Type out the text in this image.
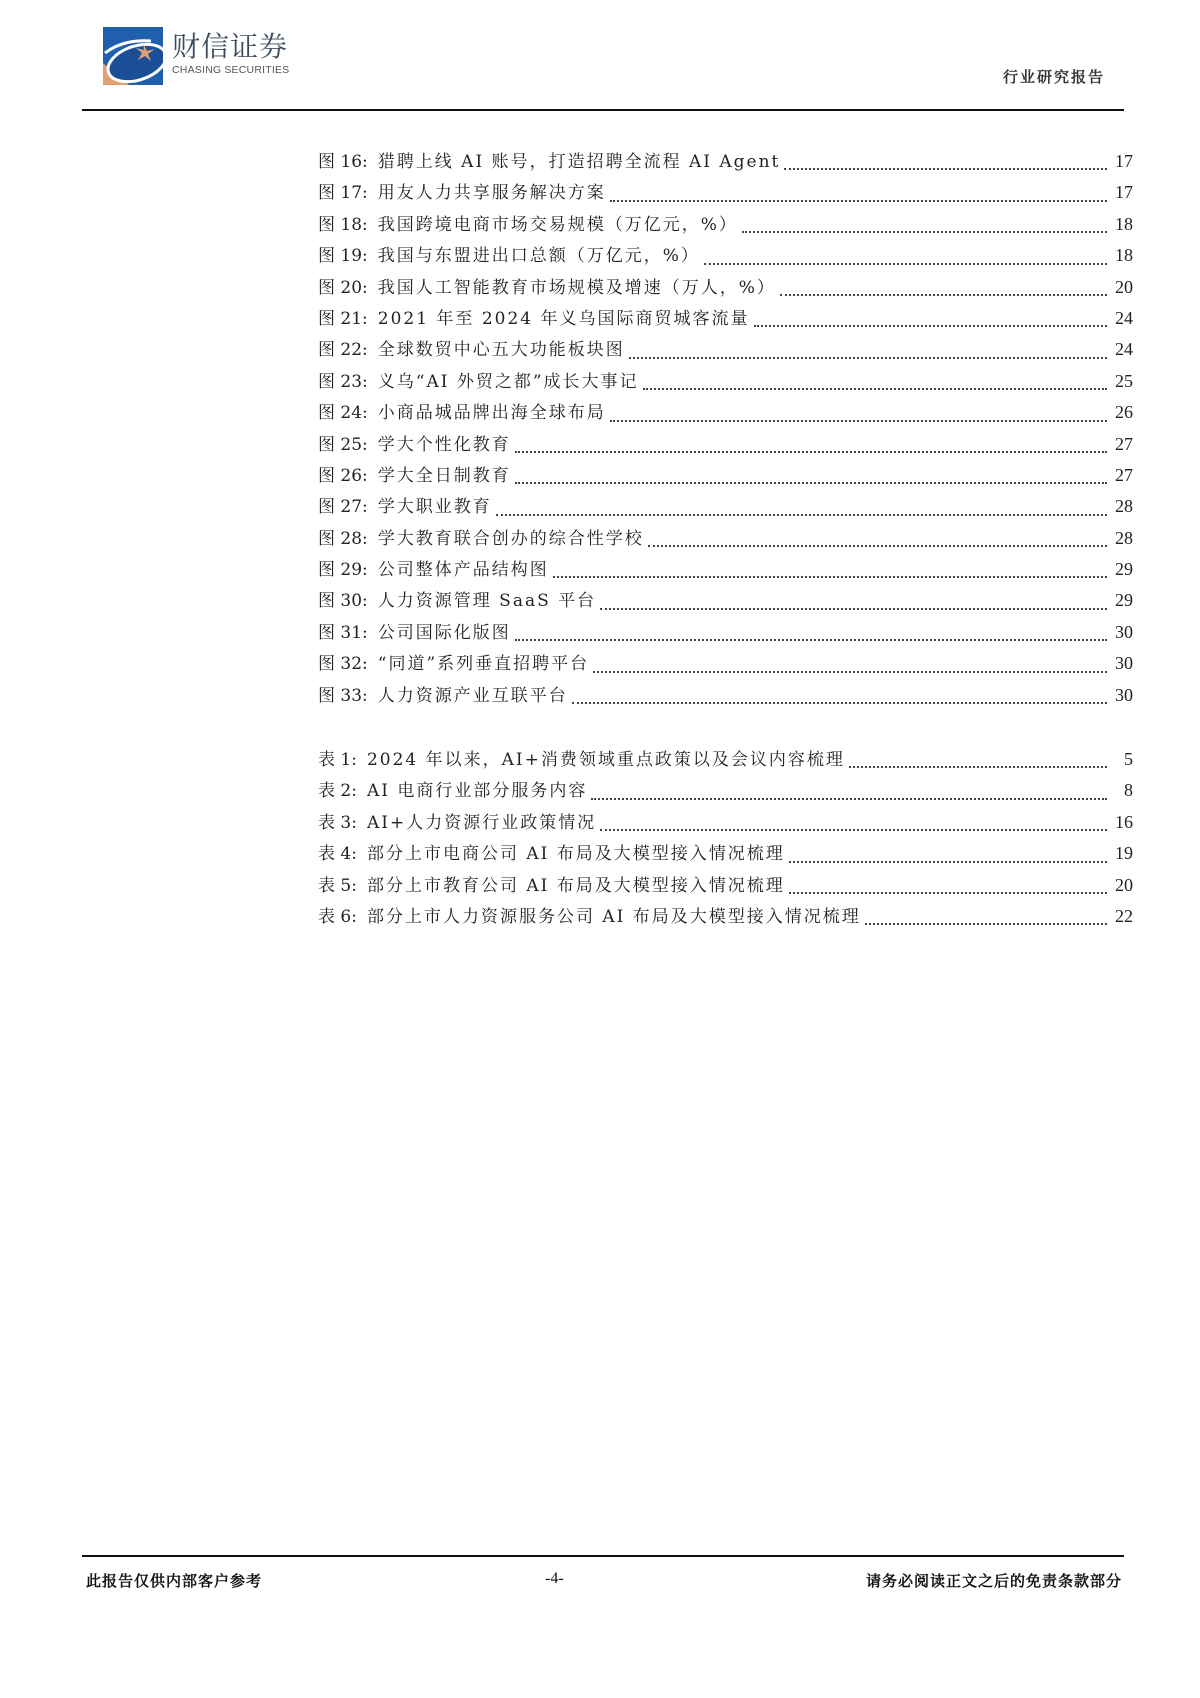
财信证券
CHASING SECURITIES	行业研究报告
图 16: 猎聘上线 AI 账号，打造招聘全流程 AI Agent	17
图 17: 用友人力共享服务解决方案	17
图 18: 我国跨境电商市场交易规模（万亿元，%）	18
图 19: 我国与东盟进出口总额（万亿元，%）	18
图 20: 我国人工智能教育市场规模及增速（万人，%）	20
图 21: 2021 年至 2024 年义乌国际商贸城客流量	24
图 22: 全球数贸中心五大功能板块图	24
图 23: 义乌“AI 外贸之都”成长大事记	25
图 24: 小商品城品牌出海全球布局	26
图 25: 学大个性化教育	27
图 26: 学大全日制教育	27
图 27: 学大职业教育	28
图 28: 学大教育联合创办的综合性学校	28
图 29: 公司整体产品结构图	29
图 30: 人力资源管理 SaaS 平台	29
图 31: 公司国际化版图	30
图 32: “同道”系列垂直招聘平台	30
图 33: 人力资源产业互联平台	30
表 1: 2024 年以来，AI+消费领域重点政策以及会议内容梳理	5
表 2: AI 电商行业部分服务内容	8
表 3: AI+人力资源行业政策情况	16
表 4: 部分上市电商公司 AI 布局及大模型接入情况梳理	19
表 5: 部分上市教育公司 AI 布局及大模型接入情况梳理	20
表 6: 部分上市人力资源服务公司 AI 布局及大模型接入情况梳理	22
此报告仅供内部客户参考	-4-	请务必阅读正文之后的免责条款部分
